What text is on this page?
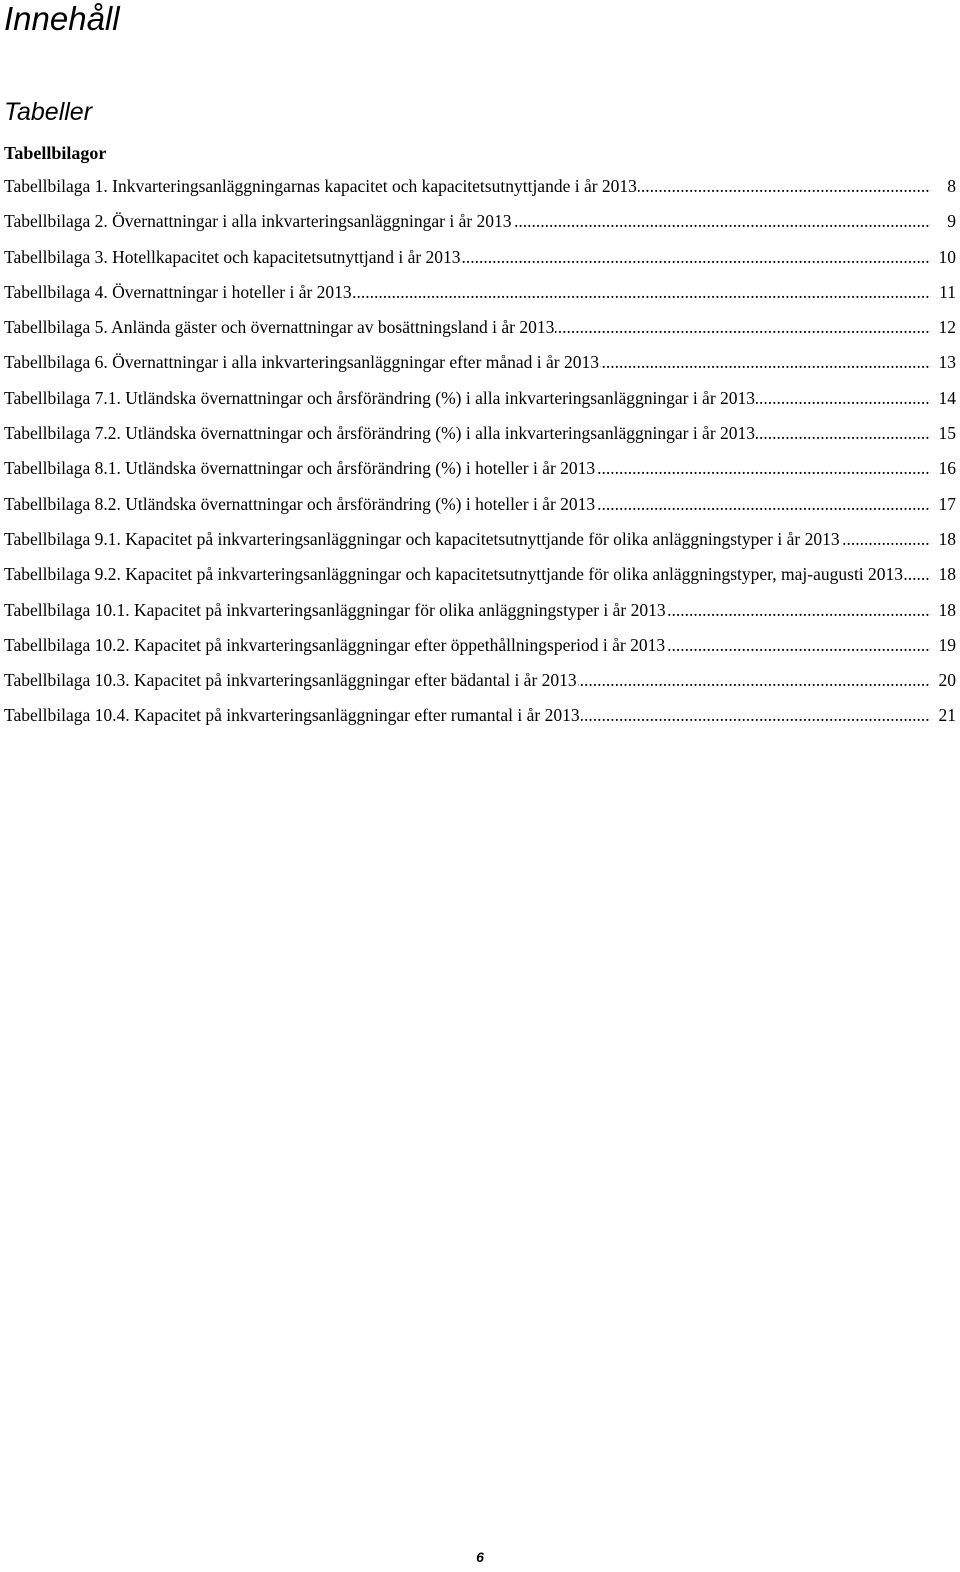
Innehåll
Tabeller
Tabellbilagor
Tabellbilaga 1. Inkvarteringsanläggningarnas kapacitet och kapacitetsutnyttjande i år 2013	8
.....
Tabellbilaga 2. Övernattningar i alla inkvarteringsanläggningar i år 2013	9
.....
Tabellbilaga 3. Hotellkapacitet och kapacitetsutnyttjand i år 2013	10
.....
Tabellbilaga 4. Övernattningar i hoteller i år 2013	11
.....
Tabellbilaga 5. Anlända gäster och övernattningar av bosättningsland i år 2013	12
.....
Tabellbilaga 6. Övernattningar i alla inkvarteringsanläggningar efter månad i år 2013	13
.....
Tabellbilaga 7.1. Utländska övernattningar och årsförändring (%) i alla inkvarteringsanläggningar i år 2013	14
.....
Tabellbilaga 7.2. Utländska övernattningar och årsförändring (%) i alla inkvarteringsanläggningar i år 2013	15
.....
Tabellbilaga 8.1. Utländska övernattningar och årsförändring (%) i hoteller i år 2013	16
.....
Tabellbilaga 8.2. Utländska övernattningar och årsförändring (%) i hoteller i år 2013	17
.....
Tabellbilaga 9.1. Kapacitet på inkvarteringsanläggningar och kapacitetsutnyttjande för olika anläggningstyper i år 2013	18
.....
Tabellbilaga 9.2. Kapacitet på inkvarteringsanläggningar och kapacitetsutnyttjande för olika anläggningstyper, maj-augusti 2013	18
.....
Tabellbilaga 10.1. Kapacitet på inkvarteringsanläggningar för olika anläggningstyper i år 2013	18
.....
Tabellbilaga 10.2. Kapacitet på inkvarteringsanläggningar efter öppethållningsperiod i år 2013	19
.....
Tabellbilaga 10.3. Kapacitet på inkvarteringsanläggningar efter bädantal i år 2013	20
.....
Tabellbilaga 10.4. Kapacitet på inkvarteringsanläggningar efter rumantal i år 2013	21
.....
6
